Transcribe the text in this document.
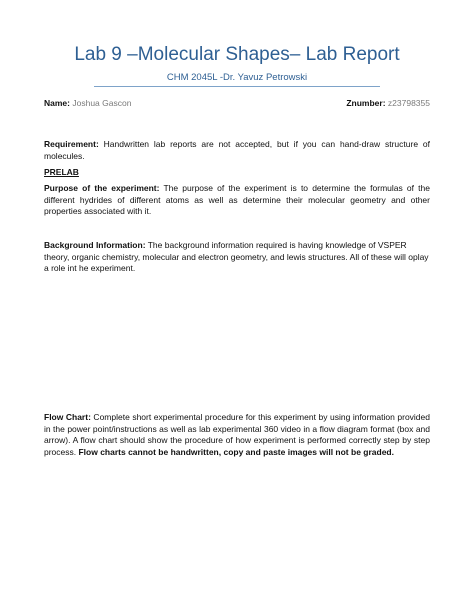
Lab 9 –Molecular Shapes– Lab Report
CHM 2045L -Dr. Yavuz Petrowski
Name: Joshua Gascon	Znumber: z23798355
Requirement: Handwritten lab reports are not accepted, but if you can hand-draw structure of molecules.
PRELAB
Purpose of the experiment: The purpose of the experiment is to determine the formulas of the different hydrides of different atoms as well as determine their molecular geometry and other properties associated with it.
Background Information: The background information required is having knowledge of VSPER theory, organic chemistry, molecular and electron geometry, and lewis structures. All of these will oplay a role int he experiment.
Flow Chart: Complete short experimental procedure for this experiment by using information provided in the power point/instructions as well as lab experimental 360 video in a flow diagram format (box and arrow). A flow chart should show the procedure of how experiment is performed correctly step by step process. Flow charts cannot be handwritten, copy and paste images will not be graded.
